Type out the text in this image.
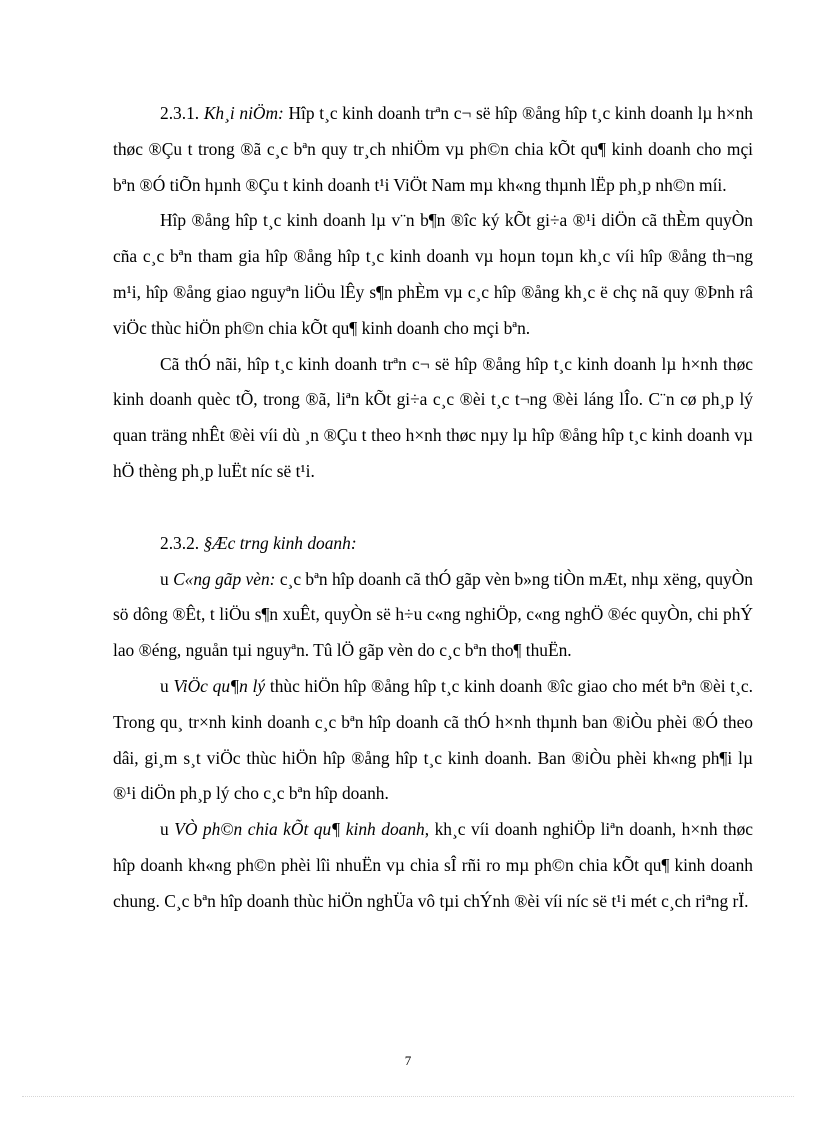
2.3.1. Kh¸i niÖm: Hîp t¸c kinh doanh trªn c¬ së hîp ®ång hîp t¸c kinh doanh lµ h×nh thøc ®Çu t trong ®ã c¸c bªn quy tr¸ch nhiÖm vµ ph©n chia kÕt qu¶ kinh doanh cho mçi bªn ®Ó tiÕn hµnh ®Çu t kinh doanh t¹i ViÖt Nam mµ kh«ng thµnh lËp ph¸p nh©n míi.

Hîp ®ång hîp t¸c kinh doanh lµ v¨n b¶n ®îc ký kÕt gi÷a ®¹i diÖn cã thÈm quyÒn cña c¸c bªn tham gia hîp ®ång hîp t¸c kinh doanh vµ hoµn toµn kh¸c víi hîp ®ång th¬ng m¹i, hîp ®ång giao nguyªn liÖu lÊy s¶n phÈm vµ c¸c hîp ®ång kh¸c ë chç nã quy ®Þnh râ viÖc thùc hiÖn ph©n chia kÕt qu¶ kinh doanh cho mçi bªn.

Cã thÓ nãi, hîp t¸c kinh doanh trªn c¬ së hîp ®ång hîp t¸c kinh doanh lµ h×nh thøc kinh doanh quèc tÕ, trong ®ã, liªn kÕt gi÷a c¸c ®èi t¸c t¬ng ®èi láng lÎo. C¨n cø ph¸p lý quan träng nhÊt ®èi víi dù ¸n ®Çu t theo h×nh thøc nµy lµ hîp ®ång hîp t¸c kinh doanh vµ hÖ thèng ph¸p luËt níc së t¹i.

2.3.2. §Æc trng kinh doanh:

u C«ng gãp vèn: c¸c bªn hîp doanh cã thÓ gãp vèn b»ng tiÒn mÆt, nhµ xëng, quyÒn sö dông ®Êt, t liÖu s¶n xuÊt, quyÒn së h÷u c«ng nghiÖp, c«ng nghÖ ®éc quyÒn, chi phÝ lao ®éng, nguån tµi nguyªn. Tû lÖ gãp vèn do c¸c bªn tho¶ thuËn.

u ViÖc qu¶n lý thùc hiÖn hîp ®ång hîp t¸c kinh doanh ®îc giao cho mét bªn ®èi t¸c. Trong qu¸ tr×nh kinh doanh c¸c bªn hîp doanh cã thÓ h×nh thµnh ban ®iÒu phèi ®Ó theo dâi, gi¸m s¸t viÖc thùc hiÖn hîp ®ång hîp t¸c kinh doanh. Ban ®iÒu phèi kh«ng ph¶i lµ ®¹i diÖn ph¸p lý cho c¸c bªn hîp doanh.

u VÒ ph©n chia kÕt qu¶ kinh doanh, kh¸c víi doanh nghiÖp liªn doanh, h×nh thøc hîp doanh kh«ng ph©n phèi lîi nhuËn vµ chia sÎ rñi ro mµ ph©n chia kÕt qu¶ kinh doanh chung. C¸c bªn hîp doanh thùc hiÖn nghÜa vô tµi chÝnh ®èi víi níc së t¹i mét c¸ch riªng rÏ.

7
